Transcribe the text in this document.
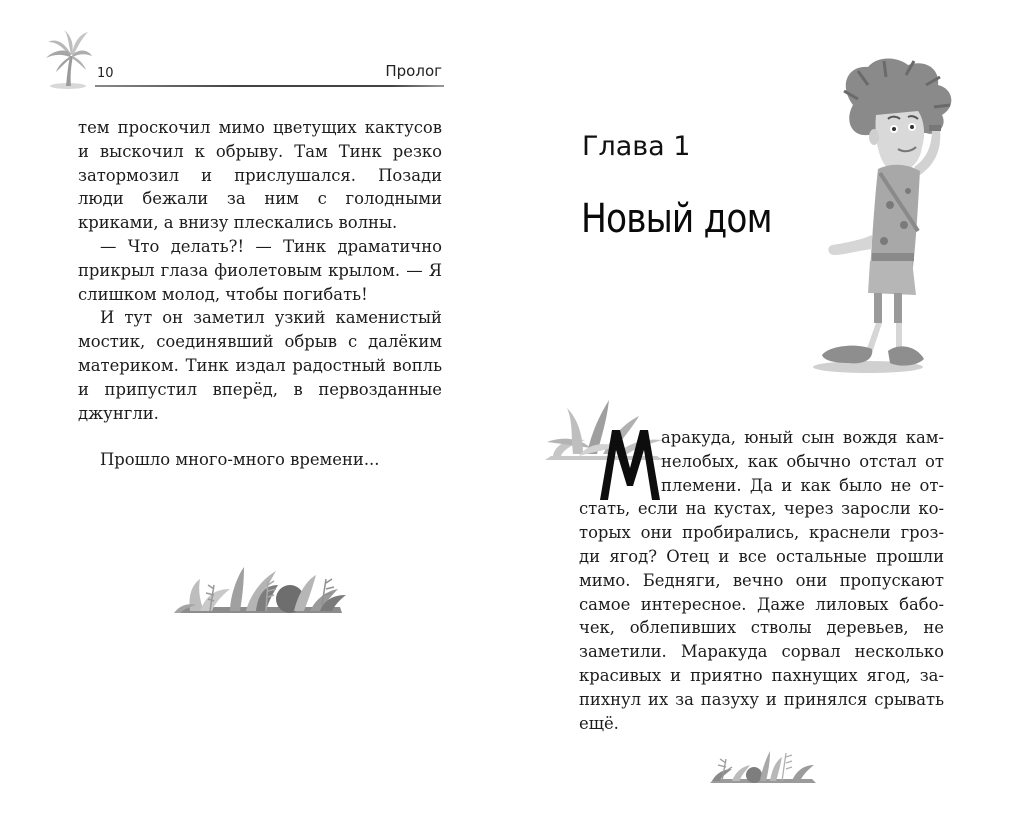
10	Пролог

тем проскочил мимо цветущих кактусов и выскочил к обрыву. Там Тинк резко затормозил и прислушался. Позади люди бежали за ним с голодными криками, а внизу плескались волны.

— Что делать?! — Тинк драматично прикрыл глаза фиолетовым крылом. — Я слишком молод, чтобы погибать!

И тут он заметил узкий каменистый мостик, соединявший обрыв с далёким материком. Тинк издал радостный вопль и припустил вперёд, в первозданные джунгли.

Прошло много-много времени...

Глава 1
Новый дом
аракуда, юный сын вождя кам-
нелобых, как обычно отстал от
племени. Да и как было не от-
стать, если на кустах, через заросли ко-
торых они пробирались, краснели гроз-
ди ягод? Отец и все остальные прошли
мимо. Бедняги, вечно они пропускают
самое интересное. Даже лиловых бабо-
чек, облепивших стволы деревьев, не
заметили. Маракуда сорвал несколько
красивых и приятно пахнущих ягод, за-
пихнул их за пазуху и принялся срывать
ещё.
